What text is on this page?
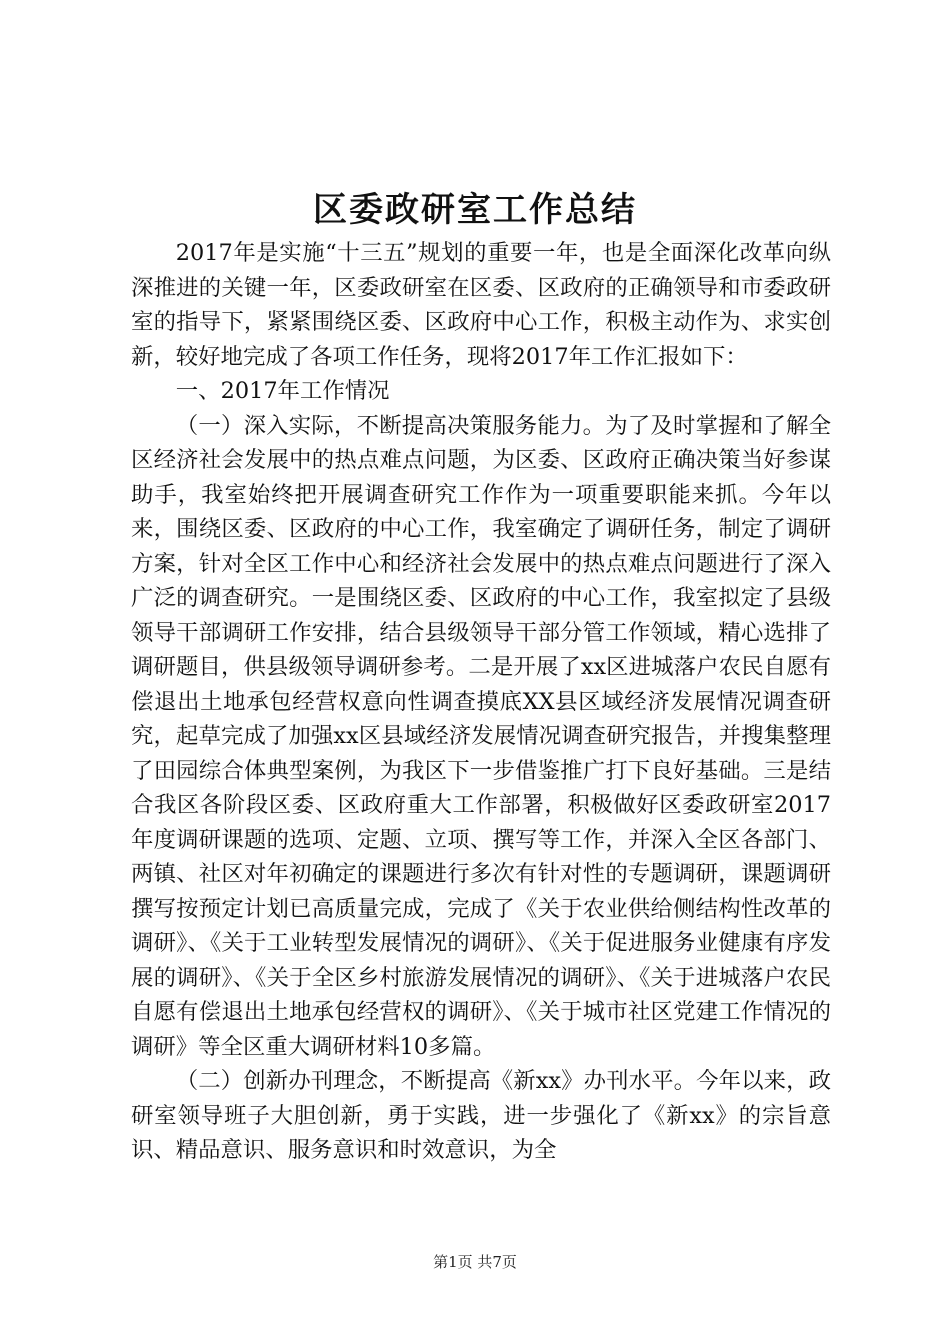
区委政研室工作总结

2017年是实施“十三五”规划的重要一年，也是全面深化改革向纵深推进的关键一年，区委政研室在区委、区政府的正确领导和市委政研室的指导下，紧紧围绕区委、区政府中心工作，积极主动作为、求实创新，较好地完成了各项工作任务，现将2017年工作汇报如下：

一、2017年工作情况

（一）深入实际，不断提高决策服务能力。为了及时掌握和了解全区经济社会发展中的热点难点问题，为区委、区政府正确决策当好参谋助手，我室始终把开展调查研究工作作为一项重要职能来抓。今年以来，围绕区委、区政府的中心工作，我室确定了调研任务，制定了调研方案，针对全区工作中心和经济社会发展中的热点难点问题进行了深入广泛的调查研究。一是围绕区委、区政府的中心工作，我室拟定了县级领导干部调研工作安排，结合县级领导干部分管工作领域，精心选排了调研题目，供县级领导调研参考。二是开展了xx区进城落户农民自愿有偿退出土地承包经营权意向性调查摸底XX县区域经济发展情况调查研究，起草完成了加强xx区县域经济发展情况调查研究报告，并搜集整理了田园综合体典型案例，为我区下一步借鉴推广打下良好基础。三是结合我区各阶段区委、区政府重大工作部署，积极做好区委政研室2017年度调研课题的选项、定题、立项、撰写等工作，并深入全区各部门、两镇、社区对年初确定的课题进行多次有针对性的专题调研，课题调研撰写按预定计划已高质量完成，完成了《关于农业供给侧结构性改革的调研》、《关于工业转型发展情况的调研》、《关于促进服务业健康有序发展的调研》、《关于全区乡村旅游发展情况的调研》、《关于进城落户农民自愿有偿退出土地承包经营权的调研》、《关于城市社区党建工作情况的调研》等全区重大调研材料10多篇。

（二）创新办刊理念，不断提高《新xx》办刊水平。今年以来，政研室领导班子大胆创新，勇于实践，进一步强化了《新xx》的宗旨意识、精品意识、服务意识和时效意识，为全

第1页 共7页
